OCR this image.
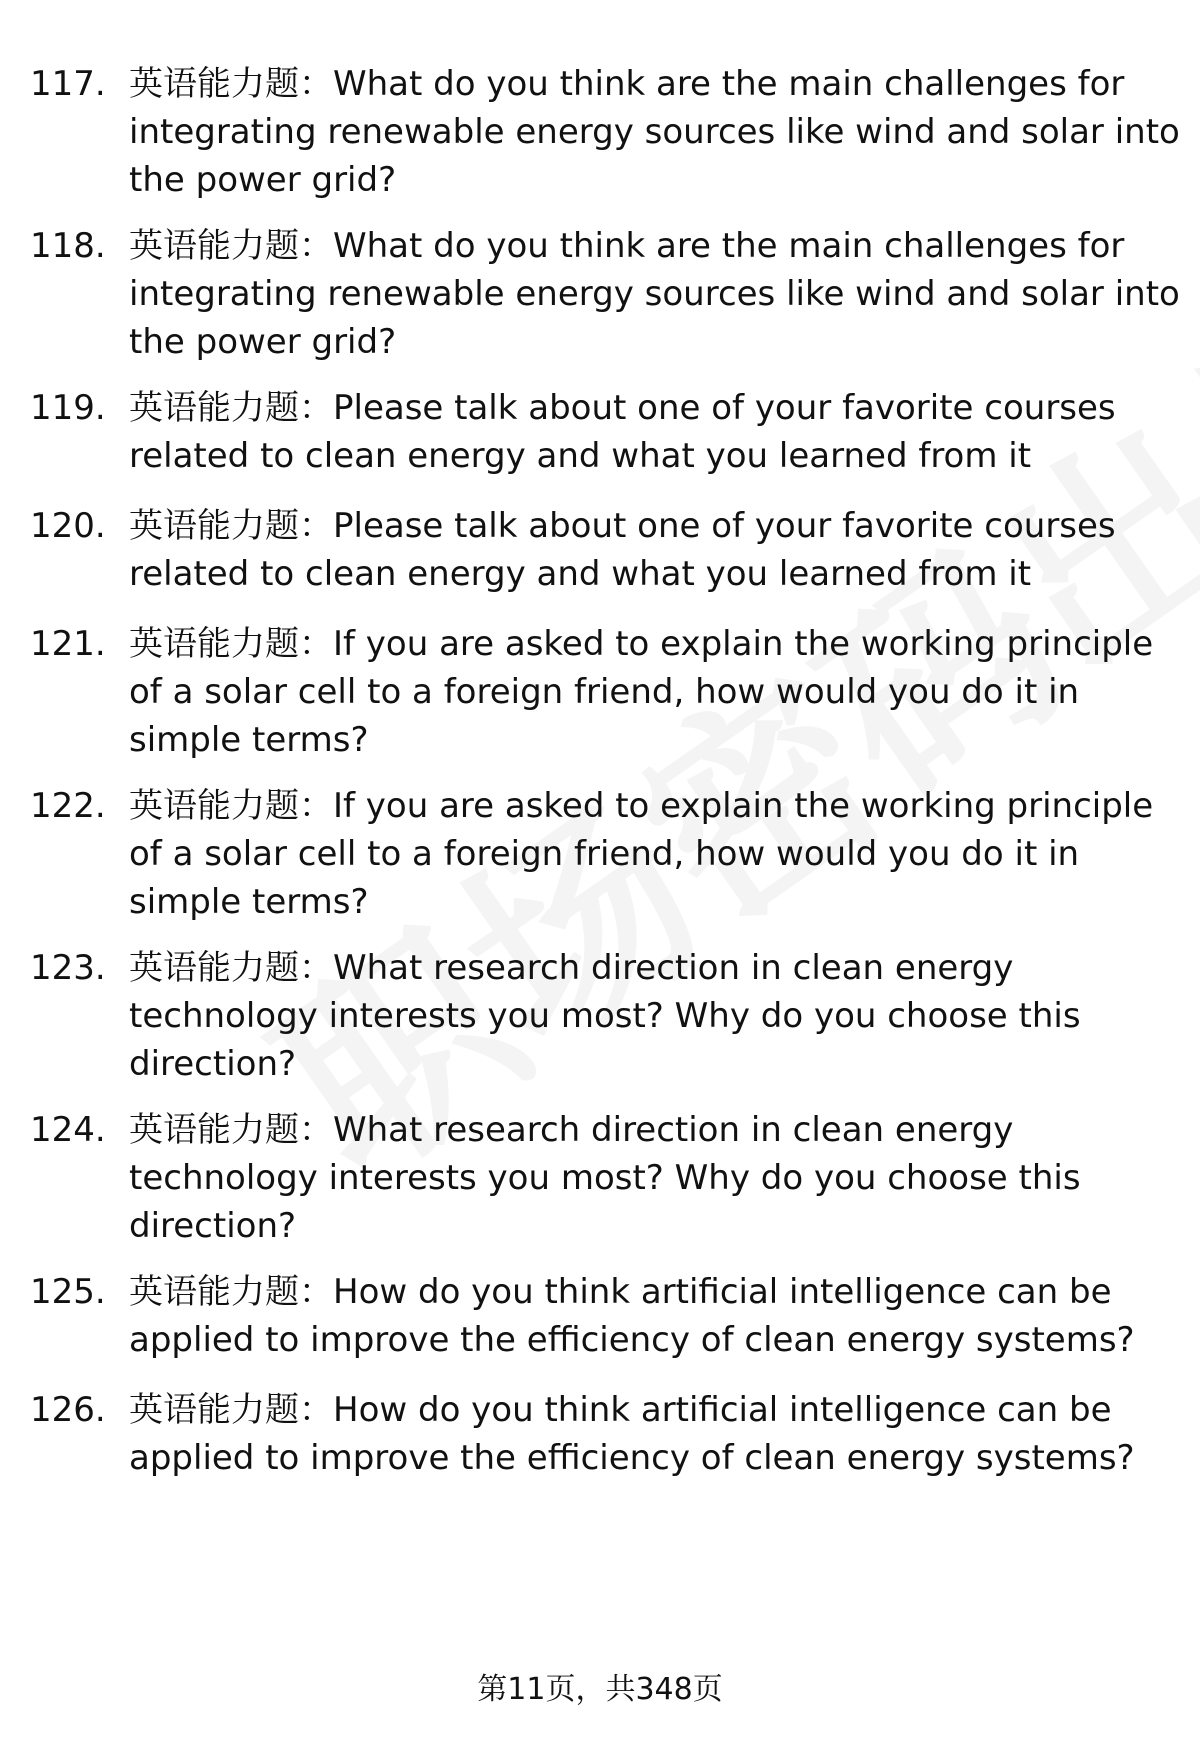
117. 英语能力题：What do you think are the main challenges for integrating renewable energy sources like wind and solar into the power grid?
118. 英语能力题：What do you think are the main challenges for integrating renewable energy sources like wind and solar into the power grid?
119. 英语能力题：Please talk about one of your favorite courses related to clean energy and what you learned from it
120. 英语能力题：Please talk about one of your favorite courses related to clean energy and what you learned from it
121. 英语能力题：If you are asked to explain the working principle of a solar cell to a foreign friend, how would you do it in simple terms?
122. 英语能力题：If you are asked to explain the working principle of a solar cell to a foreign friend, how would you do it in simple terms?
123. 英语能力题：What research direction in clean energy technology interests you most? Why do you choose this direction?
124. 英语能力题：What research direction in clean energy technology interests you most? Why do you choose this direction?
125. 英语能力题：How do you think artificial intelligence can be applied to improve the efficiency of clean energy systems?
126. 英语能力题：How do you think artificial intelligence can be applied to improve the efficiency of clean energy systems?
第11页，共348页
